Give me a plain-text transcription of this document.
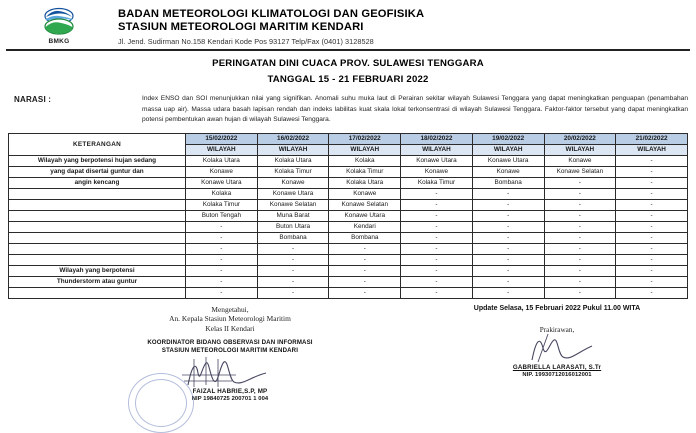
BMKG
BADAN METEOROLOGI KLIMATOLOGI DAN GEOFISIKA
STASIUN METEOROLOGI MARITIM KENDARI
Jl. Jend. Sudirman No.158 Kendari Kode Pos 93127 Telp/Fax (0401) 3128528
PERINGATAN DINI CUACA PROV. SULAWESI TENGGARA
TANGGAL 15 - 21 FEBRUARI 2022
NARASI :	Index ENSO dan SOI menunjukkan nilai yang signifikan. Anomali suhu muka laut di Perairan sekitar wilayah Sulawesi Tenggara yang dapat meningkatkan penguapan (penambahan massa uap air). Massa udara basah lapisan rendah dan indeks labilitas kuat skala lokal terkonsentrasi di wilayah Sulawesi Tenggara. Faktor-faktor tersebut yang dapat meningkatkan potensi pembentukan awan hujan di wilayah Sulawesi Tenggara.
KETERANGAN	15/02/2022	16/02/2022	17/02/2022	18/02/2022	19/02/2022	20/02/2022	21/02/2022
	WILAYAH	WILAYAH	WILAYAH	WILAYAH	WILAYAH	WILAYAH	WILAYAH
Wilayah yang berpotensi hujan sedang	Kolaka Utara	Kolaka Utara	Kolaka	Konawe Utara	Konawe Utara	Konawe	-
yang dapat disertai guntur dan	Konawe	Kolaka Timur	Kolaka Timur	Konawe	Konawe	Konawe Selatan	-
angin kencang	Konawe Utara	Konawe	Kolaka Utara	Kolaka Timur	Bombana	-	-
	Kolaka	Konawe Utara	Konawe	-	-	-	-
	Kolaka Timur	Konawe Selatan	Konawe Selatan	-	-	-	-
	Buton Tengah	Muna Barat	Konawe Utara	-	-	-	-
	-	Buton Utara	Kendari	-	-	-	-
	-	Bombana	Bombana	-	-	-	-
	-	-	-	-	-	-	-
	-	-	-	-	-	-	-
Wilayah yang berpotensi	-	-	-	-	-	-	-
Thunderstorm atau guntur	-	-	-	-	-	-	-
	-	-	-	-	-	-	-
Mengetahui,
An. Kepala Stasiun Meteorologi Maritim
Kelas II Kendari
KOORDINATOR BIDANG OBSERVASI DAN INFORMASI
STASIUN METEOROLOGI MARITIM KENDARI
FAIZAL HABRIE,S.P, MP
NIP 19840725 200701 1 004
Update Selasa, 15 Februari 2022 Pukul 11.00 WITA
Prakirawan,
GABRIELLA LARASATI, S.Tr
NIP. 19930712016012001
